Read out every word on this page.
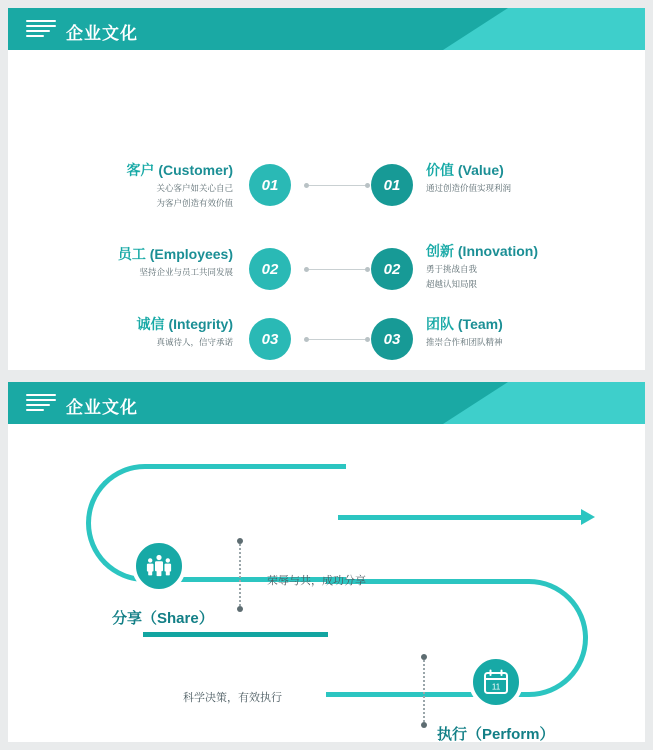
企业文化
01
客户 (Customer)
关心客户如关心自己
为客户创造有效价值
01
价值 (Value)
通过创造价值实现利润
02
员工 (Employees)
坚持企业与员工共同发展	02
创新 (Innovation)
勇于挑战自我
超越认知局限
03
诚信 (Integrity)
真诚待人，信守承诺	03
团队 (Team)
推崇合作和团队精神
企业文化
分享（Share）
荣辱与共，成功分享
11
执行（Perform）
科学决策，有效执行
